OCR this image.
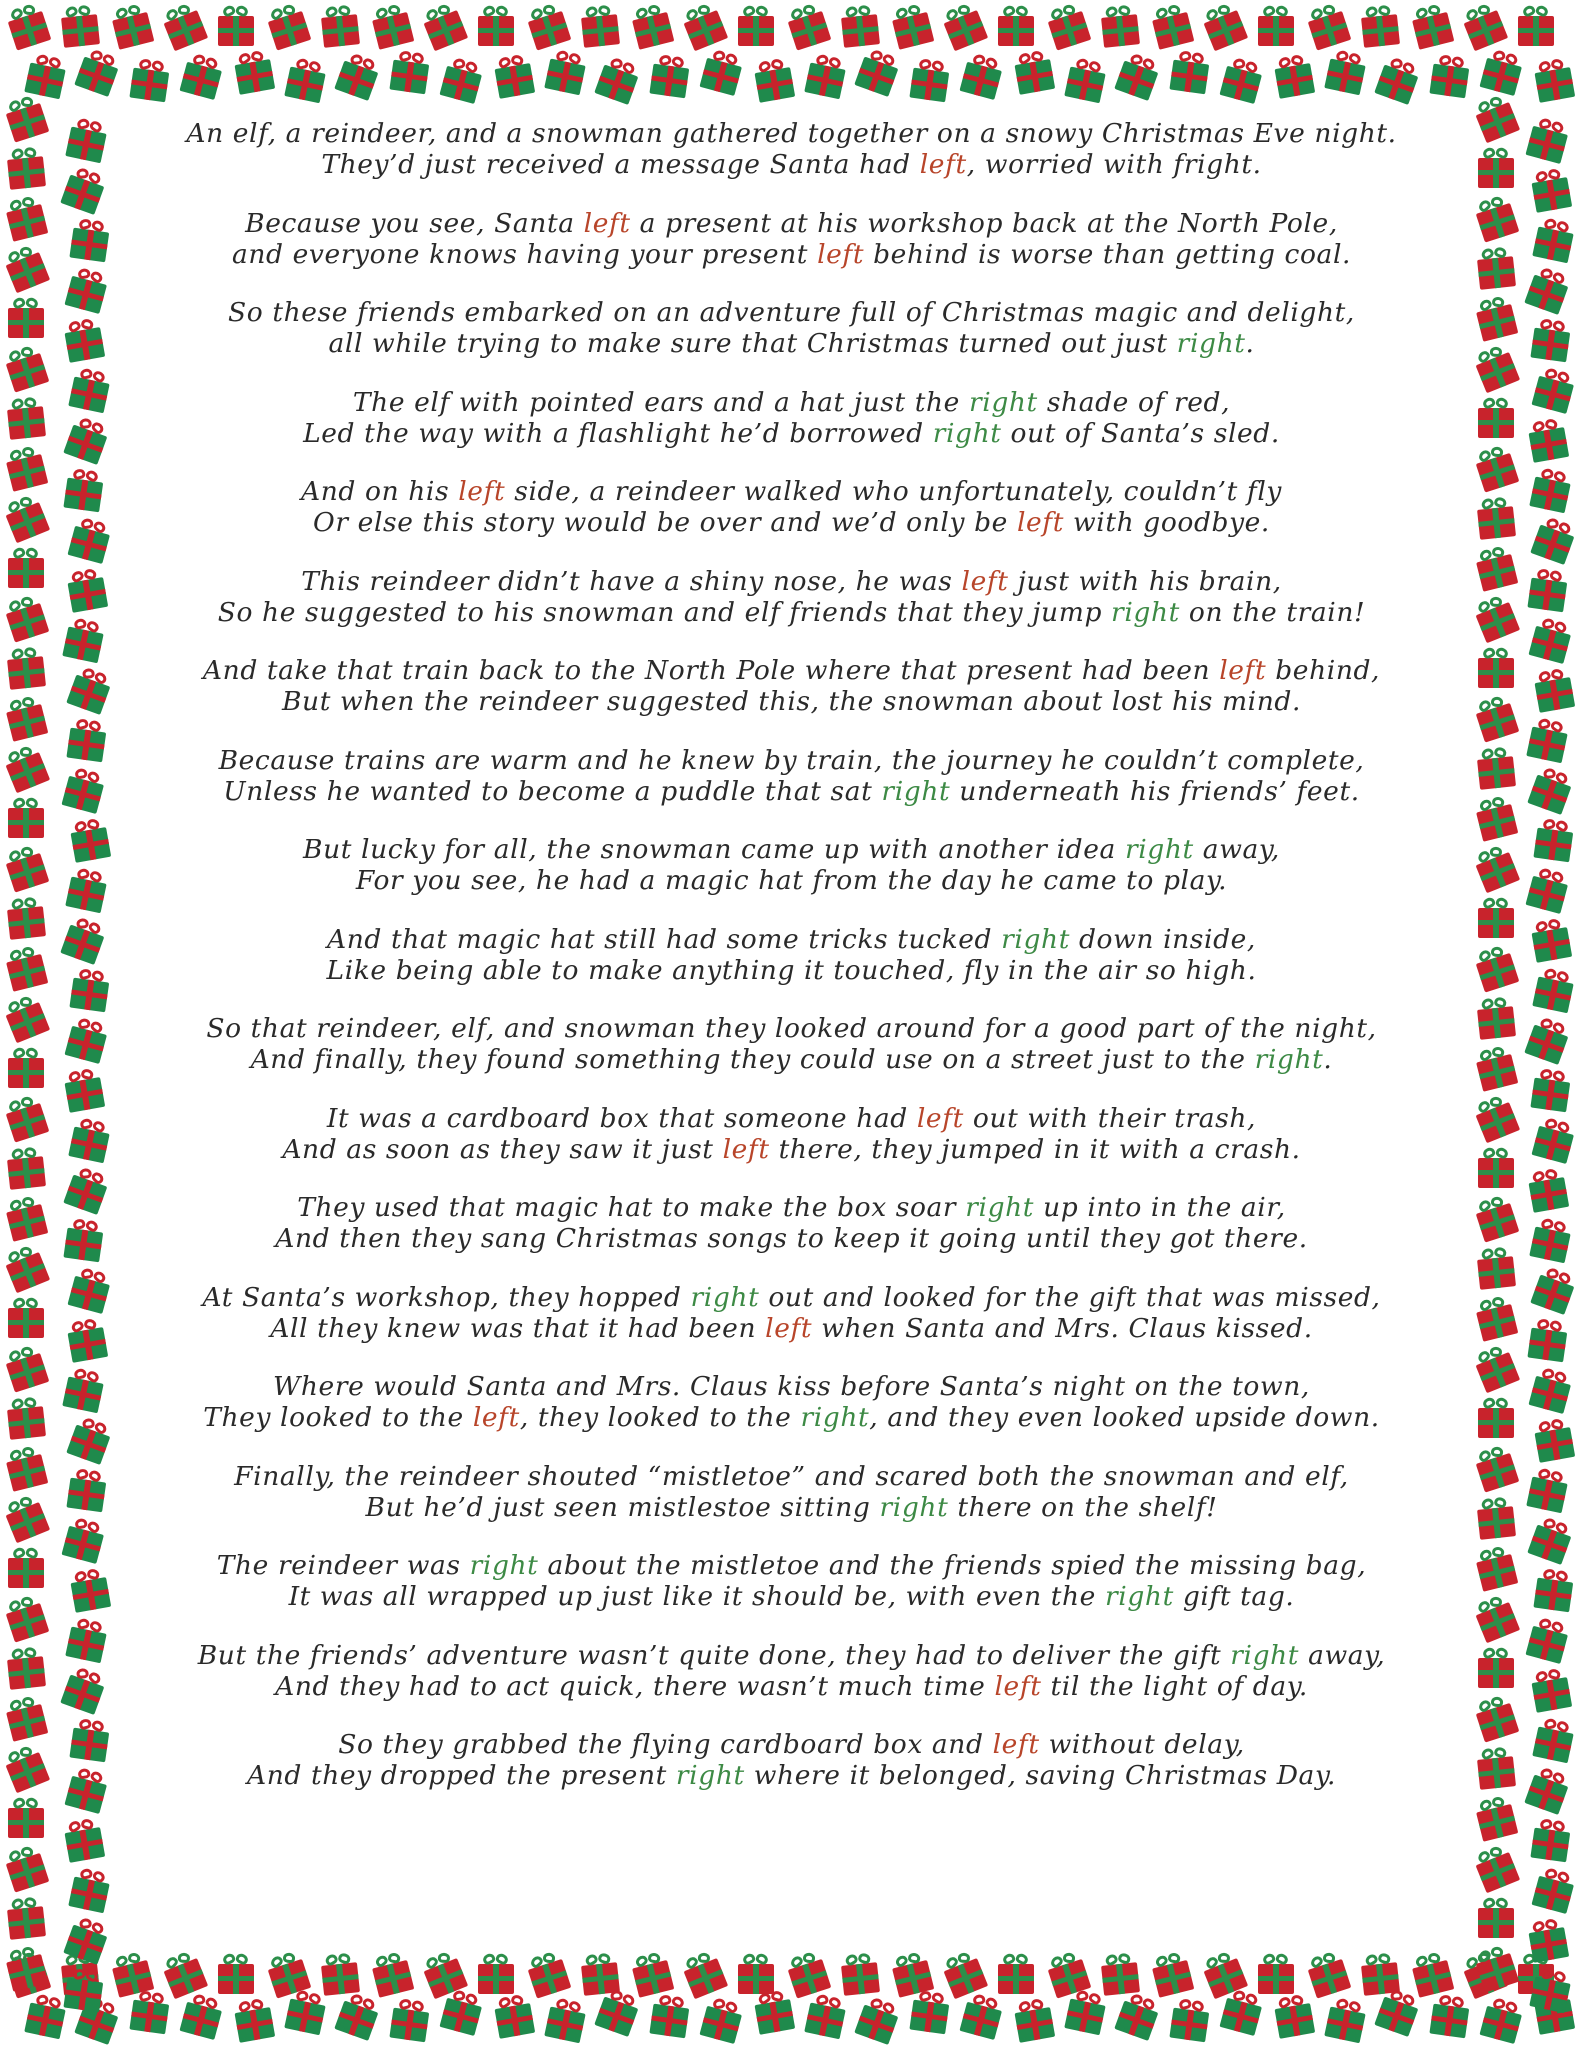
An elf, a reindeer, and a snowman gathered together on a snowy Christmas Eve night.
They’d just received a message Santa had left, worried with fright.
Because you see, Santa left a present at his workshop back at the North Pole,
and everyone knows having your present left behind is worse than getting coal.
So these friends embarked on an adventure full of Christmas magic and delight,
all while trying to make sure that Christmas turned out just right.
The elf with pointed ears and a hat just the right shade of red,
Led the way with a flashlight he’d borrowed right out of Santa’s sled.
And on his left side, a reindeer walked who unfortunately, couldn’t fly
Or else this story would be over and we’d only be left with goodbye.
This reindeer didn’t have a shiny nose, he was left just with his brain,
So he suggested to his snowman and elf friends that they jump right on the train!
And take that train back to the North Pole where that present had been left behind,
But when the reindeer suggested this, the snowman about lost his mind.
Because trains are warm and he knew by train, the journey he couldn’t complete,
Unless he wanted to become a puddle that sat right underneath his friends’ feet.
But lucky for all, the snowman came up with another idea right away,
For you see, he had a magic hat from the day he came to play.
And that magic hat still had some tricks tucked right down inside,
Like being able to make anything it touched, fly in the air so high.
So that reindeer, elf, and snowman they looked around for a good part of the night,
And finally, they found something they could use on a street just to the right.
It was a cardboard box that someone had left out with their trash,
And as soon as they saw it just left there, they jumped in it with a crash.
They used that magic hat to make the box soar right up into in the air,
And then they sang Christmas songs to keep it going until they got there.
At Santa’s workshop, they hopped right out and looked for the gift that was missed,
All they knew was that it had been left when Santa and Mrs. Claus kissed.
Where would Santa and Mrs. Claus kiss before Santa’s night on the town,
They looked to the left, they looked to the right, and they even looked upside down.
Finally, the reindeer shouted “mistletoe” and scared both the snowman and elf,
But he’d just seen mistlestoe sitting right there on the shelf!
The reindeer was right about the mistletoe and the friends spied the missing bag,
It was all wrapped up just like it should be, with even the right gift tag.
But the friends’ adventure wasn’t quite done, they had to deliver the gift right away,
And they had to act quick, there wasn’t much time left til the light of day.
So they grabbed the flying cardboard box and left without delay,
And they dropped the present right where it belonged, saving Christmas Day.
